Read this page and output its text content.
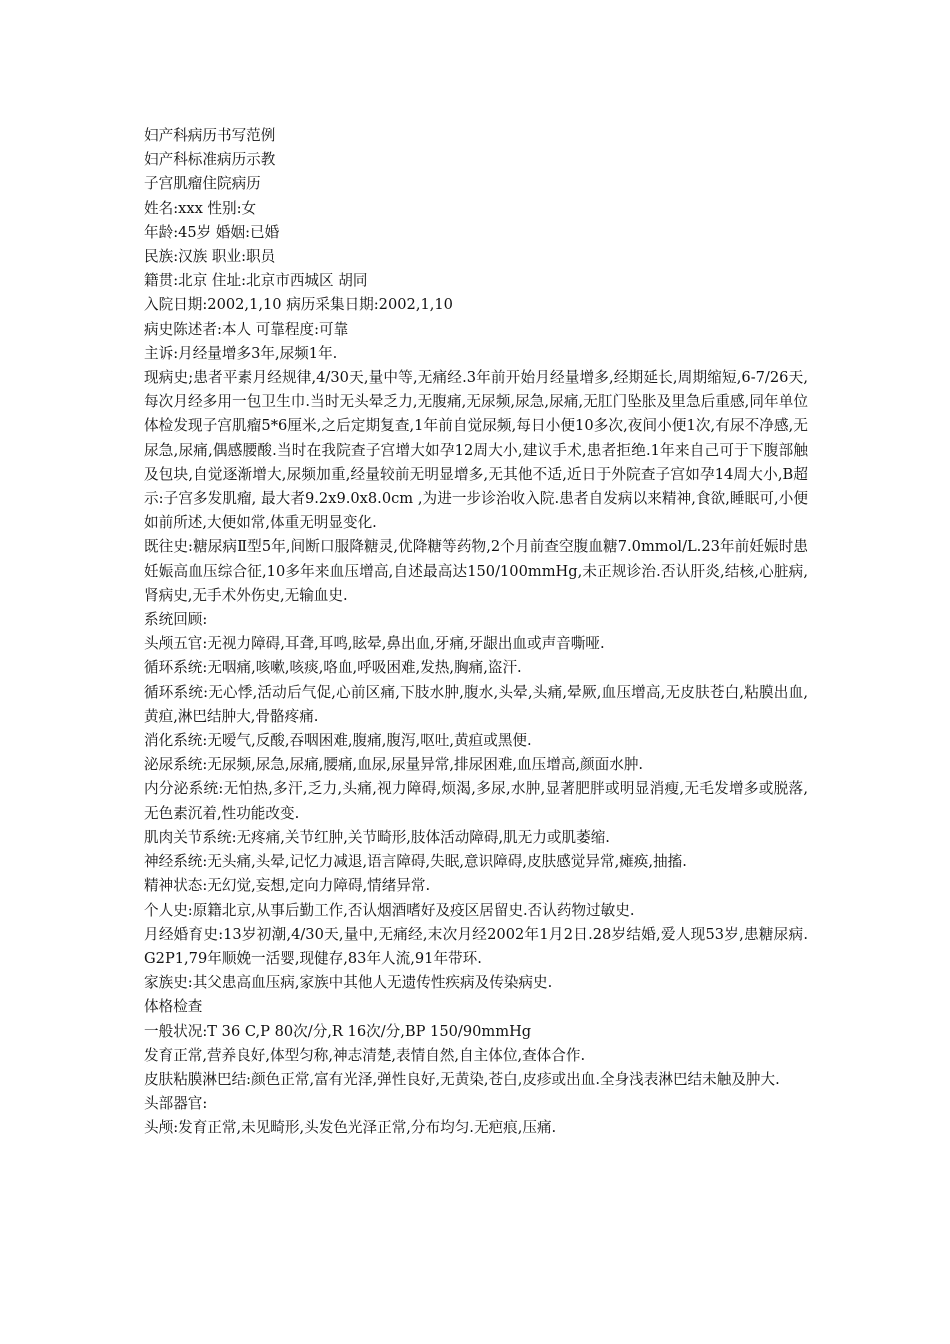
妇产科病历书写范例

妇产科标准病历示教

子宫肌瘤住院病历

姓名:xxx 性别:女

年龄:45岁 婚姻:已婚

民族:汉族 职业:职员

籍贯:北京 住址:北京市西城区 胡同

入院日期:2002,1,10 病历采集日期:2002,1,10

病史陈述者:本人 可靠程度:可靠

主诉:月经量增多3年,尿频1年.

现病史;患者平素月经规律,4/30天,量中等,无痛经.3年前开始月经量增多,经期延长,周期缩短,6-7/26天,每次月经多用一包卫生巾.当时无头晕乏力,无腹痛,无尿频,尿急,尿痛,无肛门坠胀及里急后重感,同年单位体检发现子宫肌瘤5*6厘米,之后定期复查,1年前自觉尿频,每日小便10多次,夜间小便1次,有尿不净感,无尿急,尿痛,偶感腰酸.当时在我院查子宫增大如孕12周大小,建议手术,患者拒绝.1年来自己可于下腹部触及包块,自觉逐渐增大,尿频加重,经量较前无明显增多,无其他不适,近日于外院查子宫如孕14周大小,B超示:子宫多发肌瘤, 最大者9.2x9.0x8.0cm ,为进一步诊治收入院.患者自发病以来精神,食欲,睡眠可,小便如前所述,大便如常,体重无明显变化.

既往史:糖尿病Ⅱ型5年,间断口服降糖灵,优降糖等药物,2个月前查空腹血糖7.0mmol/L.23年前妊娠时患妊娠高血压综合征,10多年来血压增高,自述最高达150/100mmHg,未正规诊治.否认肝炎,结核,心脏病,肾病史,无手术外伤史,无输血史.

系统回顾:

头颅五官:无视力障碍,耳聋,耳鸣,眩晕,鼻出血,牙痛,牙龈出血或声音嘶哑.

循环系统:无咽痛,咳嗽,咳痰,咯血,呼吸困难,发热,胸痛,盗汗.

循环系统:无心悸,活动后气促,心前区痛,下肢水肿,腹水,头晕,头痛,晕厥,血压增高,无皮肤苍白,粘膜出血,黄疸,淋巴结肿大,骨骼疼痛.

消化系统:无嗳气,反酸,吞咽困难,腹痛,腹泻,呕吐,黄疸或黑便.

泌尿系统:无尿频,尿急,尿痛,腰痛,血尿,尿量异常,排尿困难,血压增高,颜面水肿.

内分泌系统:无怕热,多汗,乏力,头痛,视力障碍,烦渴,多尿,水肿,显著肥胖或明显消瘦,无毛发增多或脱落,无色素沉着,性功能改变.

肌肉关节系统:无疼痛,关节红肿,关节畸形,肢体活动障碍,肌无力或肌萎缩.

神经系统:无头痛,头晕,记忆力减退,语言障碍,失眠,意识障碍,皮肤感觉异常,瘫痪,抽搐.

精神状态:无幻觉,妄想,定向力障碍,情绪异常.

个人史:原籍北京,从事后勤工作,否认烟酒嗜好及疫区居留史.否认药物过敏史.

月经婚育史:13岁初潮,4/30天,量中,无痛经,末次月经2002年1月2日.28岁结婚,爱人现53岁,患糖尿病.G2P1,79年顺娩一活婴,现健存,83年人流,91年带环.

家族史:其父患高血压病,家族中其他人无遗传性疾病及传染病史.

体格检查

一般状况:T 36 C,P 80次/分,R 16次/分,BP 150/90mmHg

发育正常,营养良好,体型匀称,神志清楚,表情自然,自主体位,查体合作.

皮肤粘膜淋巴结:颜色正常,富有光泽,弹性良好,无黄染,苍白,皮疹或出血.全身浅表淋巴结未触及肿大.

头部器官:

头颅:发育正常,未见畸形,头发色光泽正常,分布均匀.无疤痕,压痛.
